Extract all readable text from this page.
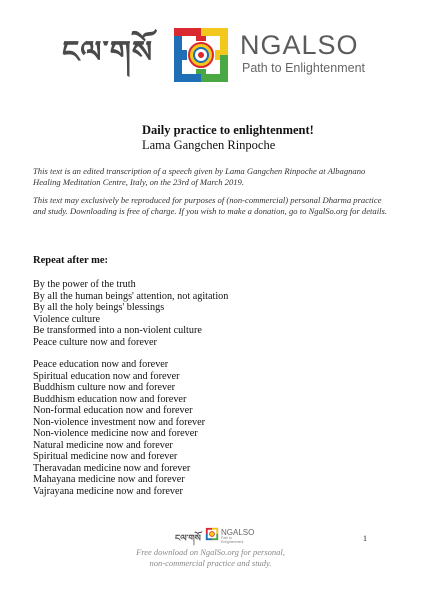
ངལ་གསོ	NGALSO
Path to Enlightenment
Daily practice to enlightenment!
Lama Gangchen Rinpoche
This text is an edited transcription of a speech given by Lama Gangchen Rinpoche at Albagnano Healing Meditation Centre, Italy, on the 23rd of March 2019.
This text may exclusively be reproduced for purposes of (non-commercial) personal Dharma practice and study. Downloading is free of charge. If you wish to make a donation, go to NgalSo.org for details.
Repeat after me:
By the power of the truth
By all the human beings' attention, not agitation
By all the holy beings' blessings
Violence culture
Be transformed into a non-violent culture
Peace culture now and forever
Peace education now and forever
Spiritual education now and forever
Buddhism culture now and forever
Buddhism education now and forever
Non-formal education now and forever
Non-violence investment now and forever
Non-violence medicine now and forever
Natural medicine now and forever
Spiritual medicine now and forever
Theravadan medicine now and forever
Mahayana medicine now and forever
Vajrayana medicine now and forever
ངལ་གསོ
NGALSO
Path to Enlightenment
Free download on NgalSo.org for personal,
non-commercial practice and study.
1
